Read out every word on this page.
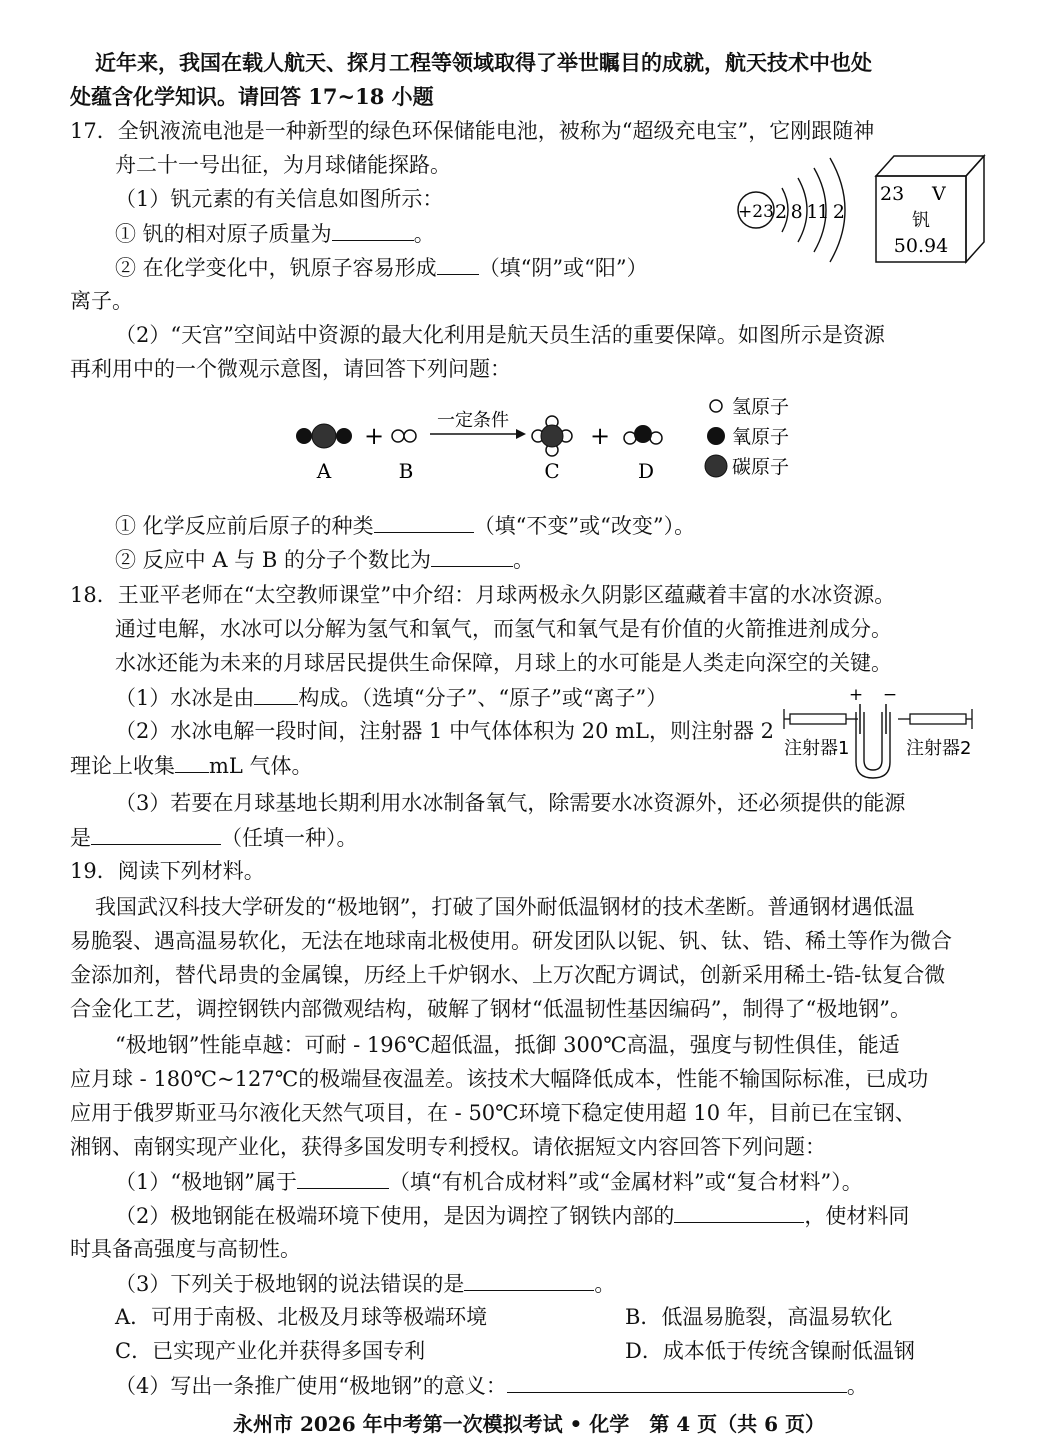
近年来，我国在载人航天、探月工程等领域取得了举世瞩目的成就，航天技术中也处
处蕴含化学知识。请回答 17~18 小题
17．全钒液流电池是一种新型的绿色环保储能电池，被称为“超级充电宝”，它刚跟随神
舟二十一号出征，为月球储能探路。
（1）钒元素的有关信息如图所示：
① 钒的相对原子质量为	。
② 在化学变化中，钒原子容易形成 （填“阴”或“阳”）
离子。
+23 2 8 11 2
23 V
钒
50.94
（2）“天宫”空间站中资源的最大化利用是航天员生活的重要保障。如图所示是资源
再利用中的一个微观示意图，请回答下列问题：
A
+
B
一定条件
C
+
D
氢原子
氧原子
碳原子
① 化学反应前后原子的种类	（填“不变”或“改变”）。
② 反应中 A 与 B 的分子个数比为	。
18．王亚平老师在“太空教师课堂”中介绍：月球两极永久阴影区蕴藏着丰富的水冰资源。
通过电解，水冰可以分解为氢气和氧气，而氢气和氧气是有价值的火箭推进剂成分。
水冰还能为未来的月球居民提供生命保障，月球上的水可能是人类走向深空的关键。
（1）水冰是由 构成。（选填“分子”、“原子”或“离子”）
（2）水冰电解一段时间，注射器 1 中气体体积为 20 mL，则注射器 2
理论上收集 mL 气体。
+ −
注射器1	注射器2
（3）若要在月球基地长期利用水冰制备氧气，除需要水冰资源外，还必须提供的能源
是	（任填一种）。
19．阅读下列材料。
我国武汉科技大学研发的“极地钢”，打破了国外耐低温钢材的技术垄断。普通钢材遇低温
易脆裂、遇高温易软化，无法在地球南北极使用。研发团队以铌、钒、钛、锆、稀土等作为微合
金添加剂，替代昂贵的金属镍，历经上千炉钢水、上万次配方调试，创新采用稀土-锆-钛复合微
合金化工艺，调控钢铁内部微观结构，破解了钢材“低温韧性基因编码”，制得了“极地钢”。
“极地钢”性能卓越：可耐 - 196℃超低温，抵御 300℃高温，强度与韧性俱佳，能适
应月球 - 180℃~127℃的极端昼夜温差。该技术大幅降低成本，性能不输国际标准，已成功
应用于俄罗斯亚马尔液化天然气项目，在 - 50℃环境下稳定使用超 10 年，目前已在宝钢、
湘钢、南钢实现产业化，获得多国发明专利授权。请依据短文内容回答下列问题：
（1）“极地钢”属于	（填“有机合成材料”或“金属材料”或“复合材料”）。
（2）极地钢能在极端环境下使用，是因为调控了钢铁内部的	，使材料同
时具备高强度与高韧性。
（3）下列关于极地钢的说法错误的是	。
A．可用于南极、北极及月球等极端环境	B．低温易脆裂，高温易软化
C．已实现产业化并获得多国专利	D．成本低于传统含镍耐低温钢
（4）写出一条推广使用“极地钢”的意义：	。
永州市 2026 年中考第一次模拟考试 • 化学　第 4 页（共 6 页）
